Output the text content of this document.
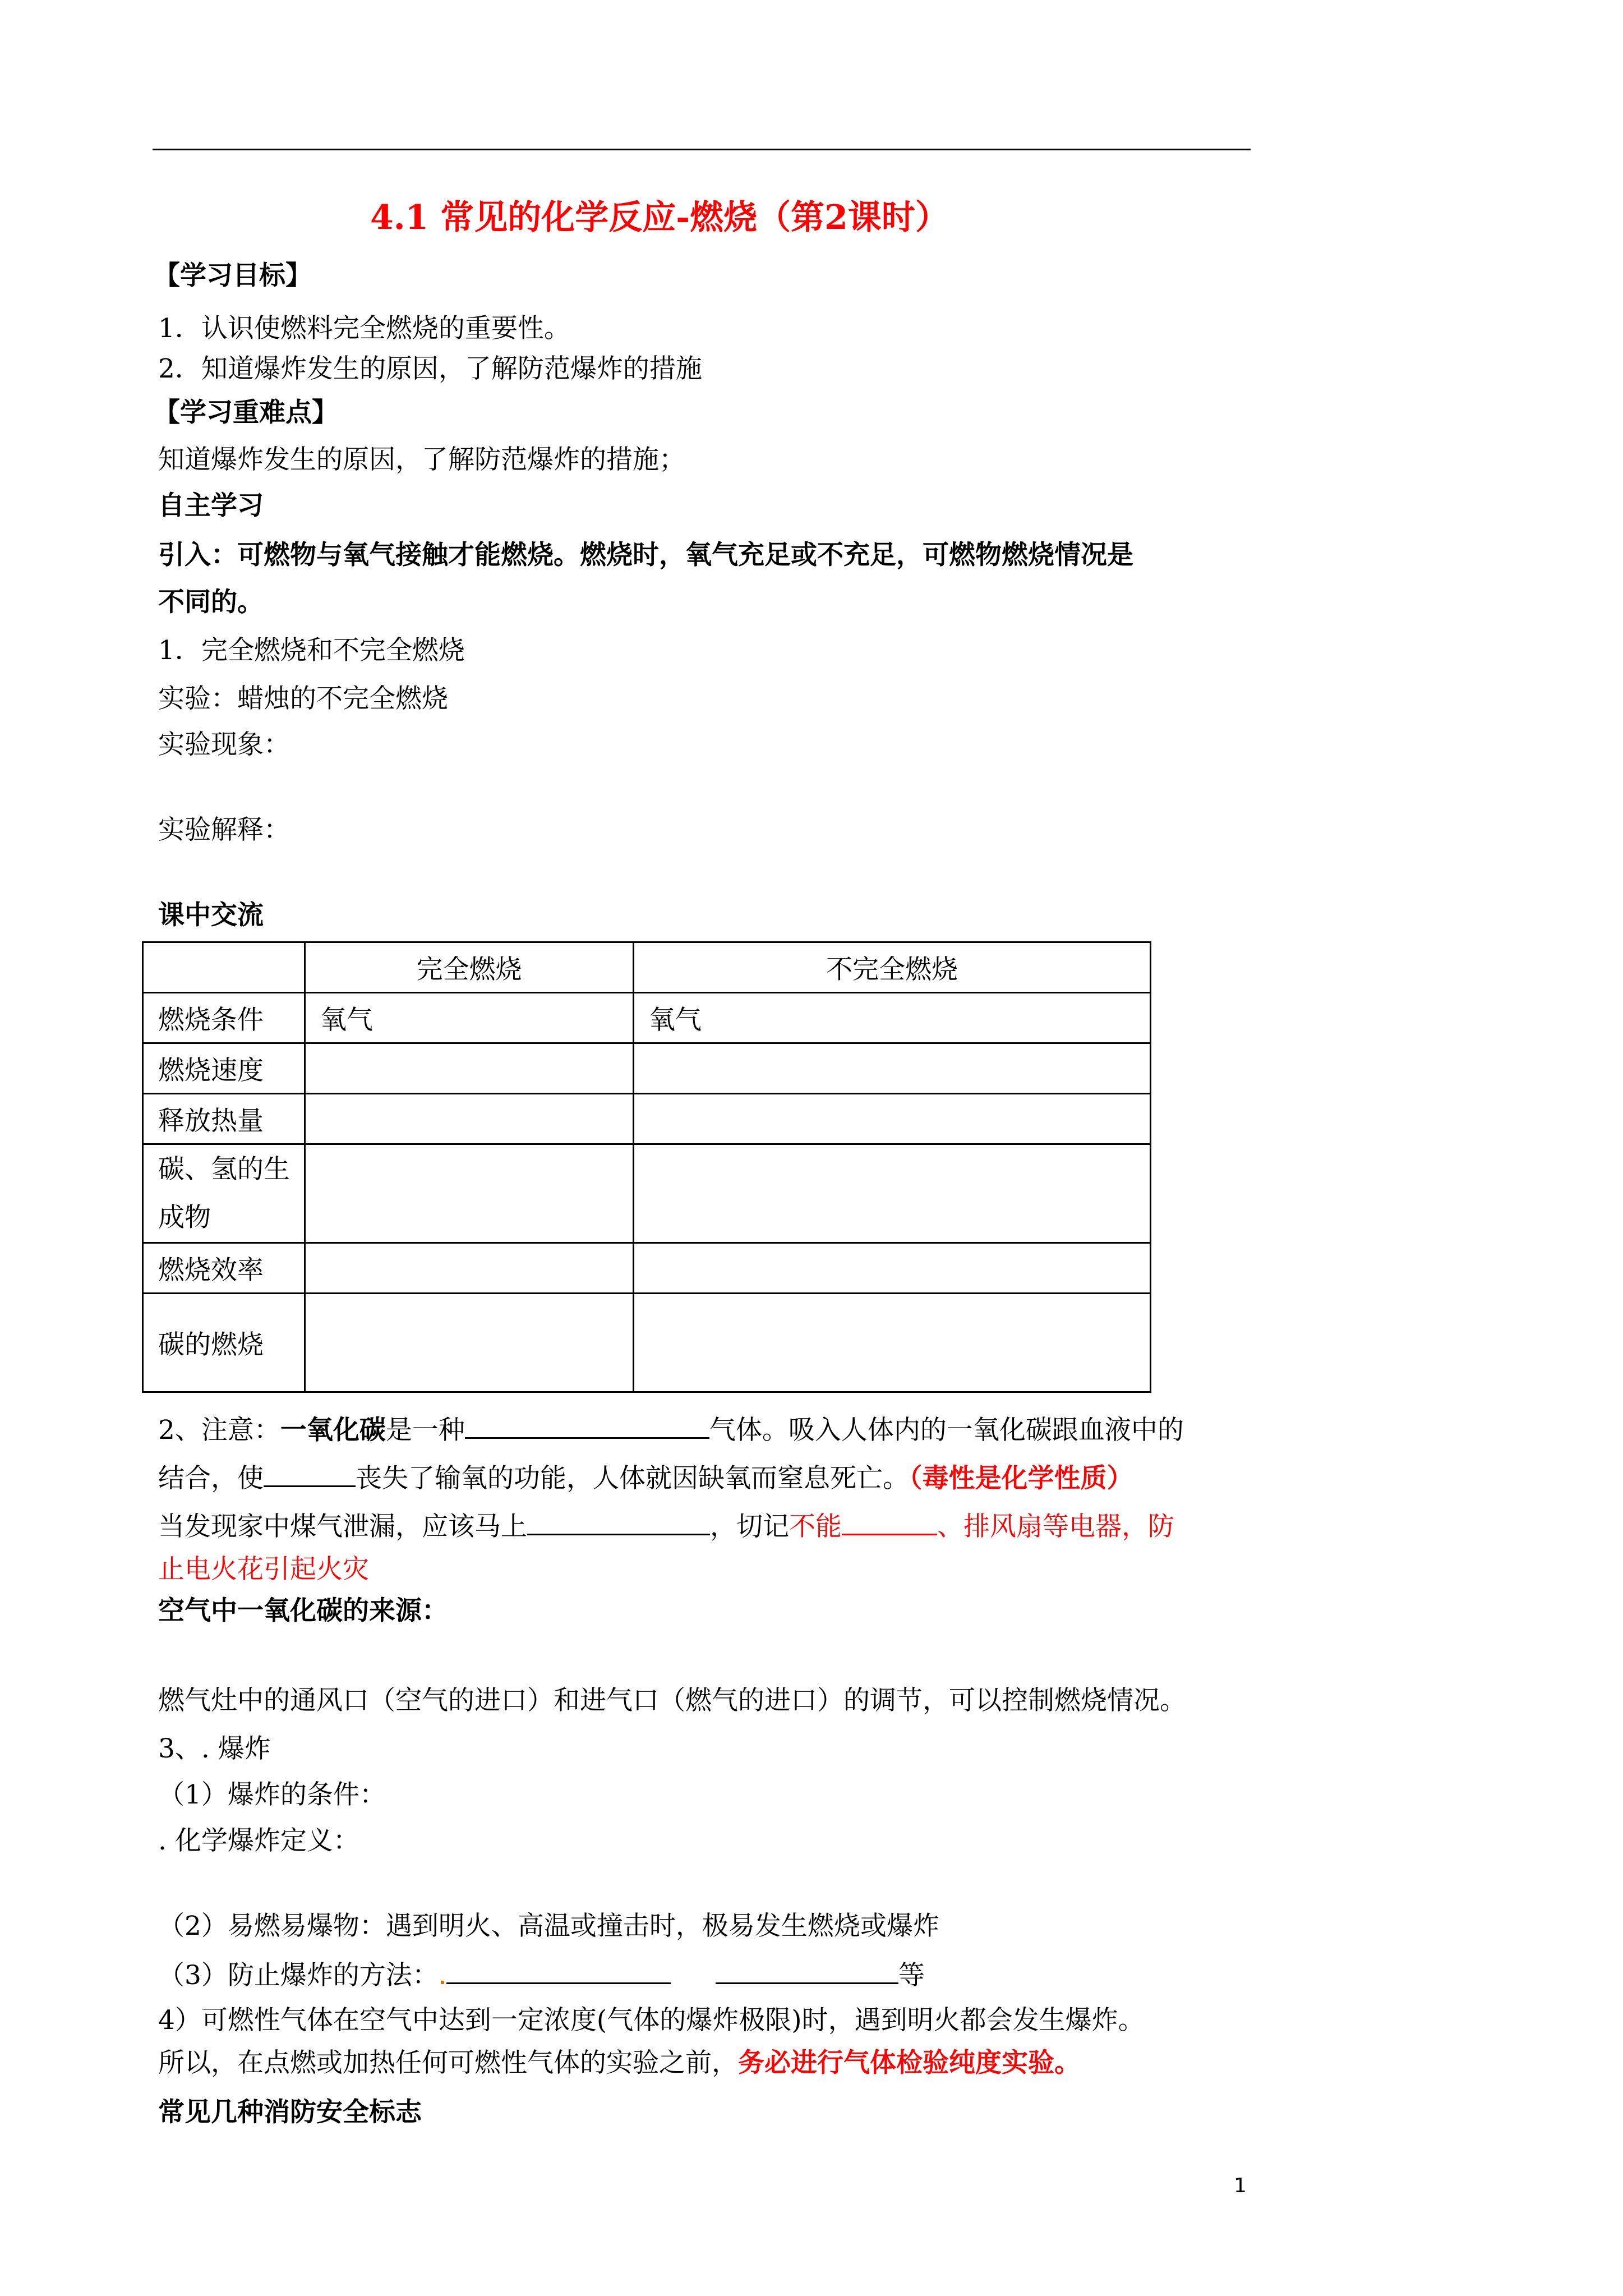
4.1 常见的化学反应-燃烧（第2课时）
【学习目标】
1．认识使燃料完全燃烧的重要性。
2．知道爆炸发生的原因，了解防范爆炸的措施
【学习重难点】
知道爆炸发生的原因，了解防范爆炸的措施；
自主学习
引入：可燃物与氧气接触才能燃烧。燃烧时，氧气充足或不充足，可燃物燃烧情况是
不同的。
1．完全燃烧和不完全燃烧
实验：蜡烛的不完全燃烧
实验现象：
实验解释：
课中交流
	完全燃烧	不完全燃烧
燃烧条件	氧气	氧气
燃烧速度		
释放热量		
碳、氢的生成物		
燃烧效率		
碳的燃烧		
2、注意：一氧化碳是一种	气体。吸入人体内的一氧化碳跟血液中的
结合，使	丧失了输氧的功能，人体就因缺氧而窒息死亡。（毒性是化学性质）
当发现家中煤气泄漏，应该马上	，切记不能	、排风扇等电器，防
止电火花引起火灾
空气中一氧化碳的来源：
燃气灶中的通风口（空气的进口）和进气口（燃气的进口）的调节，可以控制燃烧情况。
3、. 爆炸
（1）爆炸的条件：
. 化学爆炸定义：
（2）易燃易爆物：遇到明火、高温或撞击时，极易发生燃烧或爆炸
（3）防止爆炸的方法：	等
4）可燃性气体在空气中达到一定浓度(气体的爆炸极限)时，遇到明火都会发生爆炸。
所以，在点燃或加热任何可燃性气体的实验之前，务必进行气体检验纯度实验。
常见几种消防安全标志
1
